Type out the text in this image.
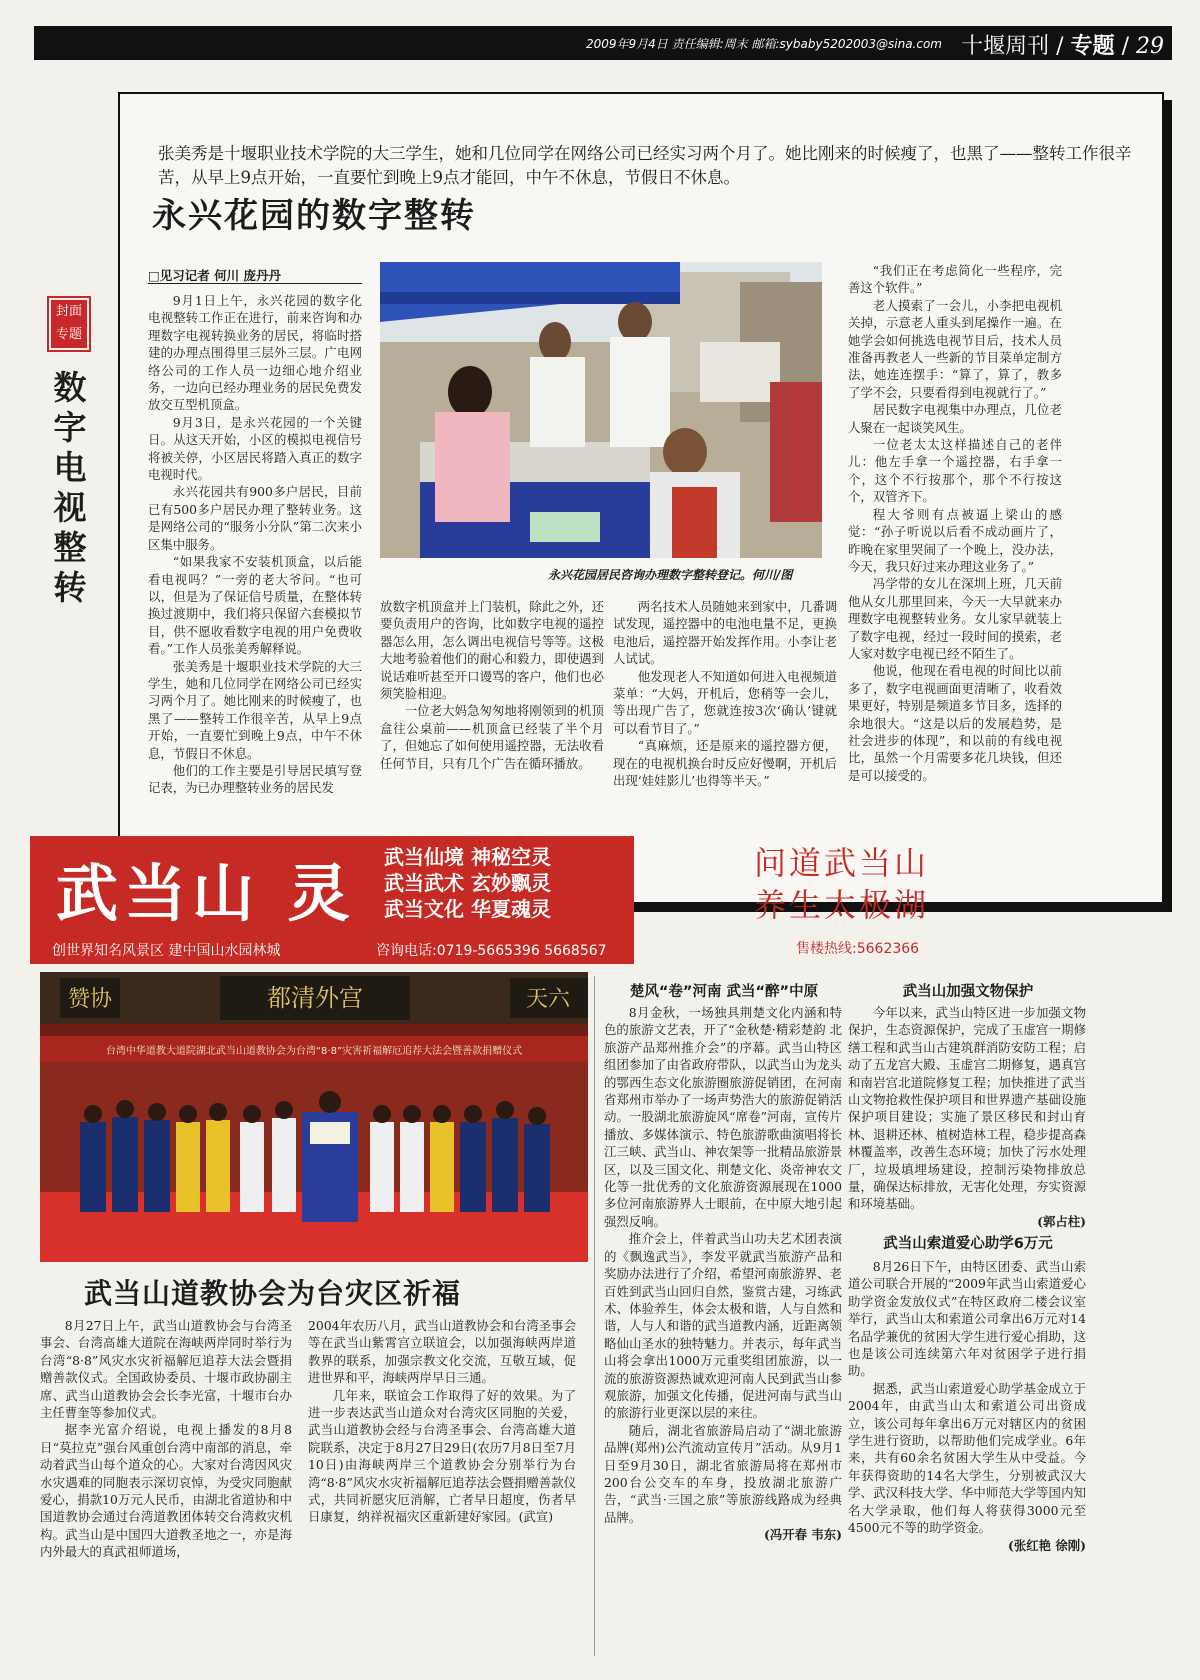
2009年9月4日 责任编辑:周末 邮箱:sybaby5202003@sina.com 十堰周刊 / 专题 / 29
封面专题
数字电视整转
张美秀是十堰职业技术学院的大三学生，她和几位同学在网络公司已经实习两个月了。她比刚来的时候瘦了，也黑了——整转工作很辛苦，从早上9点开始，一直要忙到晚上9点才能回，中午不休息，节假日不休息。
永兴花园的数字整转
□见习记者 何川 庞丹丹

9月1日上午，永兴花园的数字化电视整转工作正在进行，前来咨询和办理数字电视转换业务的居民，将临时搭建的办理点围得里三层外三层。广电网络公司的工作人员一边细心地介绍业务，一边向已经办理业务的居民免费发放交互型机顶盒。

9月3日，是永兴花园的一个关键日。从这天开始，小区的模拟电视信号将被关停，小区居民将踏入真正的数字电视时代。

永兴花园共有900多户居民，目前已有500多户居民办理了整转业务。这是网络公司的“服务小分队”第二次来小区集中服务。

“如果我家不安装机顶盒，以后能看电视吗？”一旁的老大爷问。“也可以，但是为了保证信号质量，在整体转换过渡期中，我们将只保留六套模拟节目，供不愿收看数字电视的用户免费收看。”工作人员张美秀解释说。

张美秀是十堰职业技术学院的大三学生，她和几位同学在网络公司已经实习两个月了。她比刚来的时候瘦了，也黑了——整转工作很辛苦，从早上9点开始，一直要忙到晚上9点，中午不休息，节假日不休息。

他们的工作主要是引导居民填写登记表，为已办理整转业务的居民发

永兴花园居民咨询办理数字整转登记。何川/图

放数字机顶盒并上门装机，除此之外，还要负责用户的咨询，比如数字电视的遥控器怎么用，怎么调出电视信号等等。这极大地考验着他们的耐心和毅力，即使遇到说话难听甚至开口谩骂的客户，他们也必须笑脸相迎。

一位老大妈急匆匆地将刚领到的机顶盒往公桌前——机顶盒已经装了半个月了，但她忘了如何使用遥控器，无法收看任何节目，只有几个广告在循环播放。

两名技术人员随她来到家中，几番调试发现，遥控器中的电池电量不足，更换电池后，遥控器开始发挥作用。小李让老人试试。

他发现老人不知道如何进入电视频道菜单：“大妈，开机后，您稍等一会儿，等出现广告了，您就连按3次‘确认’键就可以看节目了。”

“真麻烦，还是原来的遥控器方便，现在的电视机换台时反应好慢啊，开机后出现‘娃娃影儿’也得等半天。”

“我们正在考虑简化一些程序，完善这个软件。”

老人摸索了一会儿，小李把电视机关掉，示意老人重头到尾操作一遍。在她学会如何挑选电视节目后，技术人员准备再教老人一些新的节目菜单定制方法，她连连摆手：“算了，算了，教多了学不会，只要看得到电视就行了。”

居民数字电视集中办理点，几位老人聚在一起谈笑风生。

一位老太太这样描述自己的老伴儿：他左手拿一个遥控器，右手拿一个，这个不行按那个，那个不行按这个，双管齐下。

程大爷则有点被逼上梁山的感觉：“孙子听说以后看不成动画片了，昨晚在家里哭闹了一个晚上，没办法，今天，我只好过来办理这业务了。”

冯学带的女儿在深圳上班，几天前他从女儿那里回来，今天一大早就来办理数字电视整转业务。女儿家早就装上了数字电视，经过一段时间的摸索，老人家对数字电视已经不陌生了。

他说，他现在看电视的时间比以前多了，数字电视画面更清晰了，收看效果更好，特别是频道多节目多，选择的余地很大。“这是以后的发展趋势，是社会进步的体现”，和以前的有线电视比，虽然一个月需要多花几块钱，但还是可以接受的。

武当山 灵 武当仙境 神秘空灵
武当武术 玄妙飘灵
武当文化 华夏魂灵
创世界知名风景区 建中国山水园林城	咨询电话:0719-5665396 5668567
问道武当山
养生太极湖
售楼热线:5662366
赞协	都清外宫	天六
台湾中华道教大道院湖北武当山道教协会为台湾“8·8”灾害祈福解厄追荐大法会暨善款捐赠仪式
武当山道教协会为台灾区祈福

8月27日上午，武当山道教协会与台湾圣事会、台湾高雄大道院在海峡两岸同时举行为台湾“8·8”风灾水灾祈福解厄追荐大法会暨捐赠善款仪式。全国政协委员、十堰市政协副主席、武当山道教协会会长李光富，十堰市台办主任曹奎等参加仪式。

据李光富介绍说，电视上播发的8月8日“莫拉克”强台风重创台湾中南部的消息，牵动着武当山每个道众的心。大家对台湾因风灾水灾遇难的同胞表示深切哀悼，为受灾同胞献爱心，捐款10万元人民币，由湖北省道协和中国道教协会通过台湾道教团体转交台湾救灾机构。武当山是中国四大道教圣地之一，亦是海内外最大的真武祖师道场，

2004年农历八月，武当山道教协会和台湾圣事会等在武当山紫霄宫立联谊会，以加强海峡两岸道教界的联系，加强宗教文化交流，互敬互域，促进世界和平，海峡两岸早日三通。

几年来，联谊会工作取得了好的效果。为了进一步表达武当山道众对台湾灾区同胞的关爱，武当山道教协会经与台湾圣事会、台湾高雄大道院联系，决定于8月27日29日(农历7月8日至7月10日)由海峡两岸三个道教协会分别举行为台湾“8·8”风灾水灾祈福解厄追荐法会暨捐赠善款仪式，共同祈愿灾厄消解，亡者早日超度，伤者早日康复，纳祥祝福灾区重新建好家园。(武宣)

楚风“卷”河南 武当“醉”中原

8月金秋，一场独具荆楚文化内涵和特色的旅游文艺表，开了“金秋楚·精彩楚韵 北旅游产品郑州推介会”的序幕。武当山特区组团参加了由省政府带队，以武当山为龙头的鄂西生态文化旅游圈旅游促销团，在河南省郑州市举办了一场声势浩大的旅游促销活动。一股湖北旅游旋风“席卷”河南，宣传片播放、多媒体演示、特色旅游歌曲演唱将长江三峡、武当山、神农架等一批精品旅游景区，以及三国文化、荆楚文化、炎帝神农文化等一批优秀的文化旅游资源展现在1000多位河南旅游界人士眼前，在中原大地引起强烈反响。

推介会上，伴着武当山功夫艺术团表演的《飘逸武当》，李发平就武当旅游产品和奖励办法进行了介绍，希望河南旅游界、老百姓到武当山回归自然，鉴赏古建，习练武术、体验养生，体会太极和谐，人与自然和谐，人与人和谐的武当道教内涵，近距离领略仙山圣水的独特魅力。并表示，每年武当山将会拿出1000万元重奖组团旅游，以一流的旅游资源热诚欢迎河南人民到武当山参观旅游，加强文化传播，促进河南与武当山的旅游行业更深以层的来往。

随后，湖北省旅游局启动了“湖北旅游品牌(郑州)公汽流动宣传月”活动。从9月1日至9月30日，湖北省旅游局将在郑州市200台公交车的车身，投放湖北旅游广告，“武当·三国之旅”等旅游线路成为经典品牌。

(冯开春 韦东)
武当山加强文物保护

今年以来，武当山特区进一步加强文物保护，生态资源保护，完成了玉虚宫一期修缮工程和武当山古建筑群消防安防工程；启动了五龙宫大殿、玉虚宫二期修复，遇真宫和南岩宫北道院修复工程；加快推进了武当山文物抢救性保护项目和世界遗产基础设施保护项目建设；实施了景区移民和封山育林、退耕还林、植树造林工程，稳步提高森林覆盖率，改善生态环境；加快了污水处理厂，垃圾填埋场建设，控制污染物排放总量，确保达标排放，无害化处理，夯实资源和环境基础。

(郭占柱)
武当山索道爱心助学6万元

8月26日下午，由特区团委、武当山索道公司联合开展的“2009年武当山索道爱心助学资金发放仪式”在特区政府二楼会议室举行，武当山太和索道公司拿出6万元对14名品学兼优的贫困大学生进行爱心捐助，这也是该公司连续第六年对贫困学子进行捐助。

据悉，武当山索道爱心助学基金成立于2004年，由武当山太和索道公司出资成立，该公司每年拿出6万元对辖区内的贫困学生进行资助，以帮助他们完成学业。6年来，共有60余名贫困大学生从中受益。今年获得资助的14名大学生，分别被武汉大学、武汉科技大学、华中师范大学等国内知名大学录取，他们每人将获得3000元至4500元不等的助学资金。

(张红艳 徐刚)
